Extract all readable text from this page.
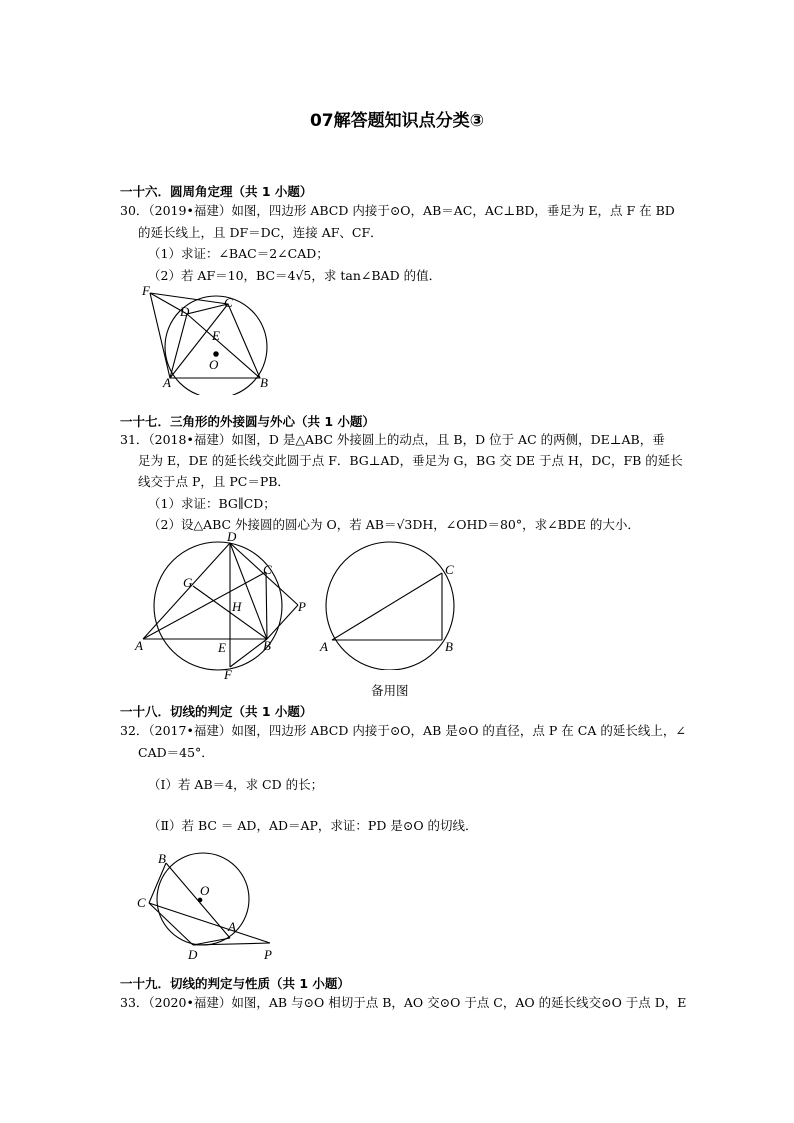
07解答题知识点分类③
一十六．圆周角定理（共 1 小题）
30．（2019•福建）如图，四边形 ABCD 内接于⊙O，AB＝AC，AC⊥BD，垂足为 E，点 F 在 BD
的延长线上，且 DF＝DC，连接 AF、CF．
（1）求证：∠BAC＝2∠CAD；
（2）若 AF＝10，BC＝4√5，求 tan∠BAD 的值．
F
D
C
E
O
A	B
一十七．三角形的外接圆与外心（共 1 小题）
31．（2018•福建）如图，D 是△ABC 外接圆上的动点，且 B，D 位于 AC 的两侧，DE⊥AB，垂
足为 E，DE 的延长线交此圆于点 F．BG⊥AD，垂足为 G，BG 交 DE 于点 H，DC，FB 的延长
线交于点 P，且 PC＝PB．
（1）求证：BG∥CD；
（2）设△ABC 外接圆的圆心为 O，若 AB＝√3DH，∠OHD＝80°，求∠BDE 的大小．
D
G
C
H	P
A	E	B
F
C
A	B
备用图
一十八．切线的判定（共 1 小题）
32．（2017•福建）如图，四边形 ABCD 内接于⊙O，AB 是⊙O 的直径，点 P 在 CA 的延长线上，∠
CAD＝45°．
（Ⅰ）若 AB＝4，求 CD 的长；
（Ⅱ）若 BC ＝ AD，AD＝AP，求证：PD 是⊙O 的切线．
B
O
C
A
D	P
一十九．切线的判定与性质（共 1 小题）
33．（2020•福建）如图，AB 与⊙O 相切于点 B，AO 交⊙O 于点 C，AO 的延长线交⊙O 于点 D，E
